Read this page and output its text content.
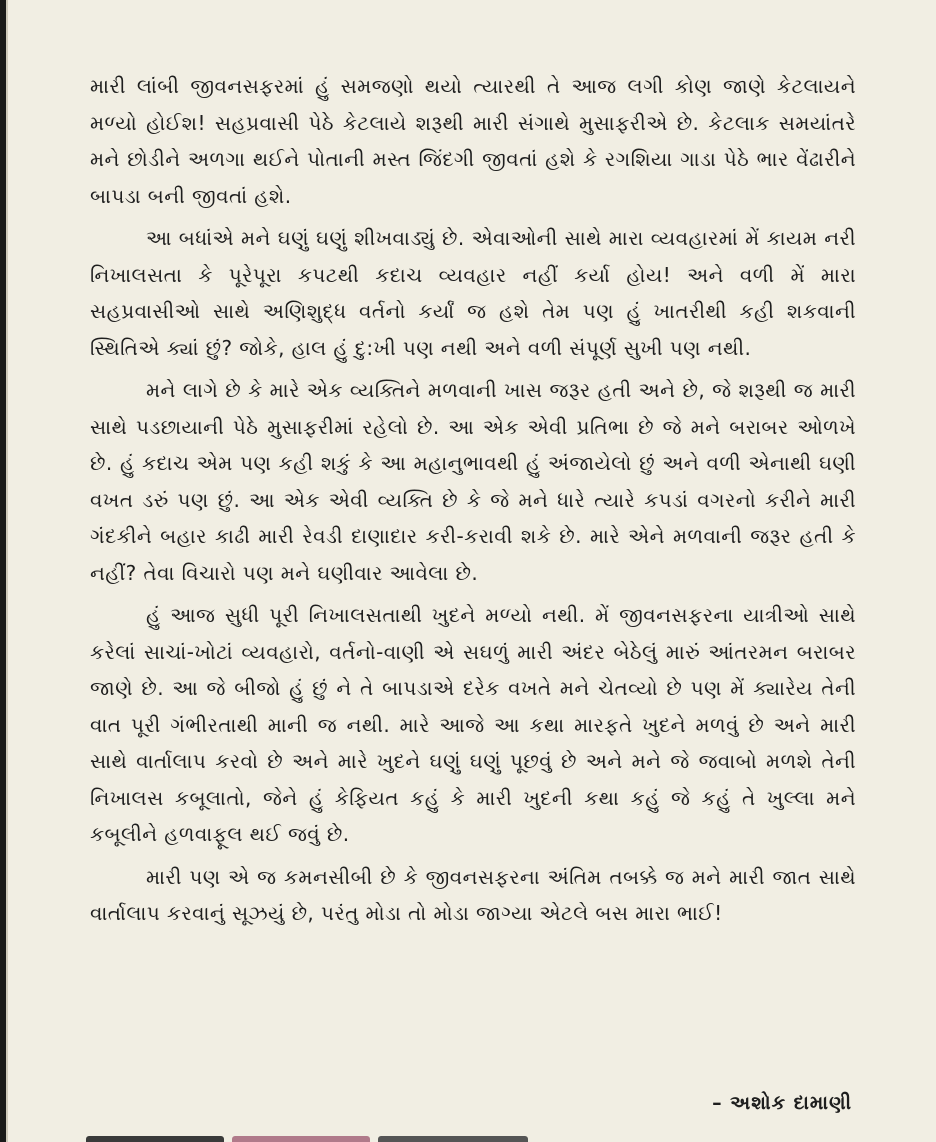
મારી લાંબી જીવનસફરમાં હું સમજણો થયો ત્યારથી તે આજ લગી કોણ જાણે કેટલાયને મળ્યો હોઈશ! સહપ્રવાસી પેઠે કેટલાયે શરૂથી મારી સંગાથે મુસાફરીએ છે. કેટલાક સમયાંતરે મને છોડીને અળગા થઈને પોતાની મસ્ત જિંદગી જીવતાં હશે કે રગશિયા ગાડા પેઠે ભાર વેંઢારીને બાપડા બની જીવતાં હશે.

આ બધાંએ મને ઘણું ઘણું શીખવાડ્યું છે. એવાઓની સાથે મારા વ્યવહારમાં મેં કાયમ નરી નિખાલસતા કે પૂરેપૂરા કપટથી કદાચ વ્યવહાર નહીં કર્યા હોય! અને વળી મેં મારા સહપ્રવાસીઓ સાથે અણિશુદ્ધ વર્તનો કર્યાં જ હશે તેમ પણ હું ખાતરીથી કહી શકવાની સ્થિતિએ ક્યાં છું? જોકે, હાલ હું દુ:ખી પણ નથી અને વળી સંપૂર્ણ સુખી પણ નથી.

મને લાગે છે કે મારે એક વ્યક્તિને મળવાની ખાસ જરૂર હતી અને છે, જે શરૂથી જ મારી સાથે પડછાયાની પેઠે મુસાફરીમાં રહેલો છે. આ એક એવી પ્રતિભા છે જે મને બરાબર ઓળખે છે. હું કદાચ એમ પણ કહી શકું કે આ મહાનુભાવથી હું અંજાયેલો છું અને વળી એનાથી ઘણી વખત ડરું પણ છું. આ એક એવી વ્યક્તિ છે કે જે મને ધારે ત્યારે કપડાં વગરનો કરીને મારી ગંદકીને બહાર કાઢી મારી રેવડી દાણાદાર કરી-કરાવી શકે છે. મારે એને મળવાની જરૂર હતી કે નહીં? તેવા વિચારો પણ મને ઘણીવાર આવેલા છે.

હું આજ સુધી પૂરી નિખાલસતાથી ખુદને મળ્યો નથી. મેં જીવનસફરના યાત્રીઓ સાથે કરેલાં સાચાં-ખોટાં વ્યવહારો, વર્તનો-વાણી એ સઘળું મારી અંદર બેઠેલું મારું આંતરમન બરાબર જાણે છે. આ જે બીજો હું છું ને તે બાપડાએ દરેક વખતે મને ચેતવ્યો છે પણ મેં ક્યારેય તેની વાત પૂરી ગંભીરતાથી માની જ નથી. મારે આજે આ કથા મારફતે ખુદને મળવું છે અને મારી સાથે વાર્તાલાપ કરવો છે અને મારે ખુદને ઘણું ઘણું પૂછવું છે અને મને જે જવાબો મળશે તેની નિખાલસ કબૂલાતો, જેને હું કેફિયત કહું કે મારી ખુદની કથા કહું જે કહું તે ખુલ્લા મને કબૂલીને હળવાફૂલ થઈ જવું છે.

મારી પણ એ જ કમનસીબી છે કે જીવનસફરના અંતિમ તબક્કે જ મને મારી જાત સાથે વાર્તાલાપ કરવાનું સૂઝયું છે, પરંતુ મોડા તો મોડા જાગ્યા એટલે બસ મારા ભાઈ!

– અશોક દામાણી
